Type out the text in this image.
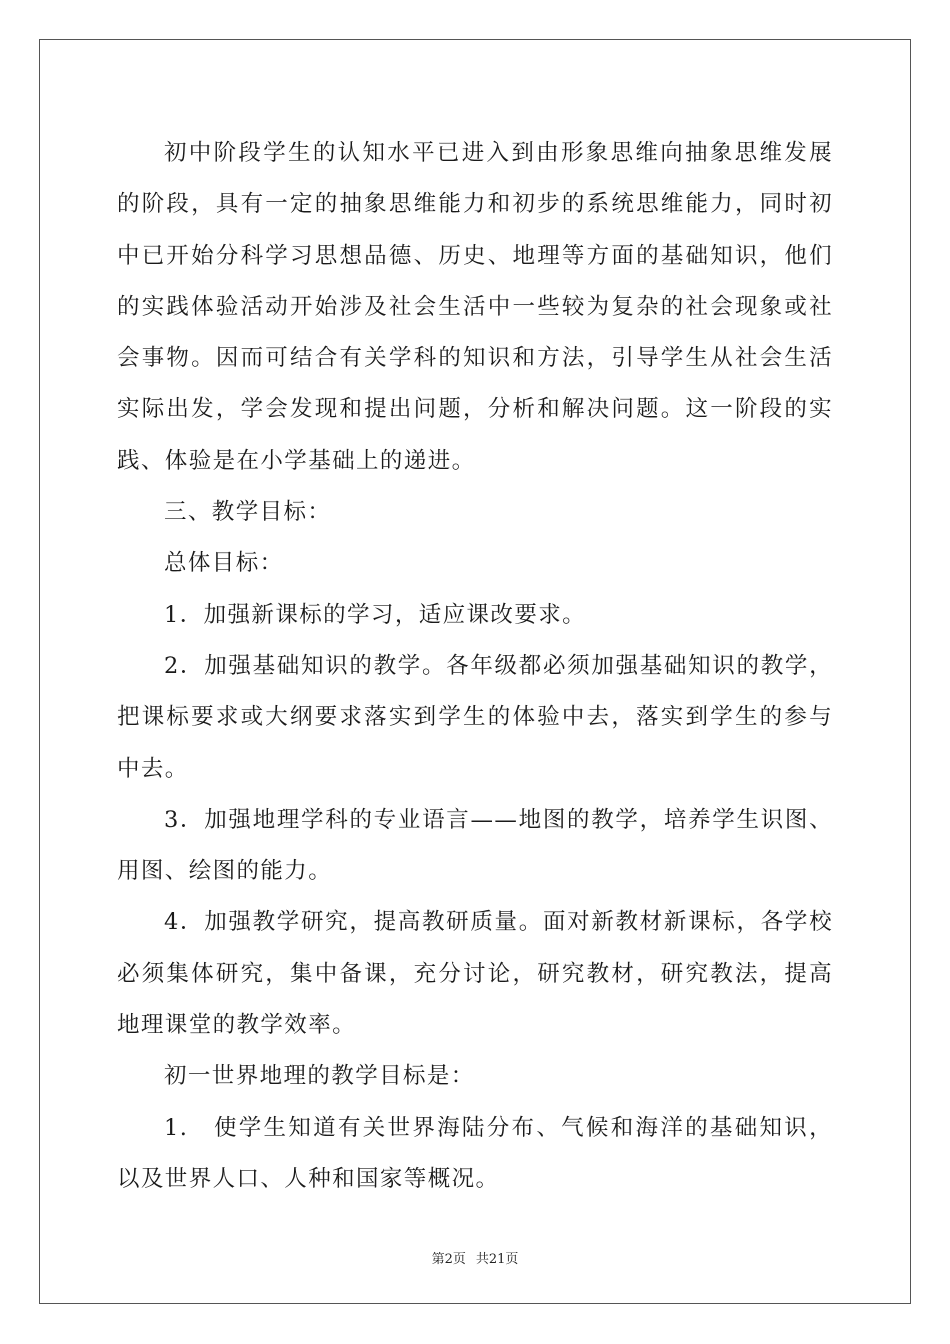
初中阶段学生的认知水平已进入到由形象思维向抽象思维发展的阶段，具有一定的抽象思维能力和初步的系统思维能力，同时初中已开始分科学习思想品德、历史、地理等方面的基础知识，他们的实践体验活动开始涉及社会生活中一些较为复杂的社会现象或社会事物。因而可结合有关学科的知识和方法，引导学生从社会生活实际出发，学会发现和提出问题，分析和解决问题。这一阶段的实践、体验是在小学基础上的递进。

三、教学目标：

总体目标：

1．加强新课标的学习，适应课改要求。

2．加强基础知识的教学。各年级都必须加强基础知识的教学，把课标要求或大纲要求落实到学生的体验中去，落实到学生的参与中去。

3．加强地理学科的专业语言——地图的教学，培养学生识图、用图、绘图的能力。

4．加强教学研究，提高教研质量。面对新教材新课标，各学校必须集体研究，集中备课，充分讨论，研究教材，研究教法，提高地理课堂的教学效率。

初一世界地理的教学目标是：

1.　使学生知道有关世界海陆分布、气候和海洋的基础知识，以及世界人口、人种和国家等概况。

第2页 共21页
